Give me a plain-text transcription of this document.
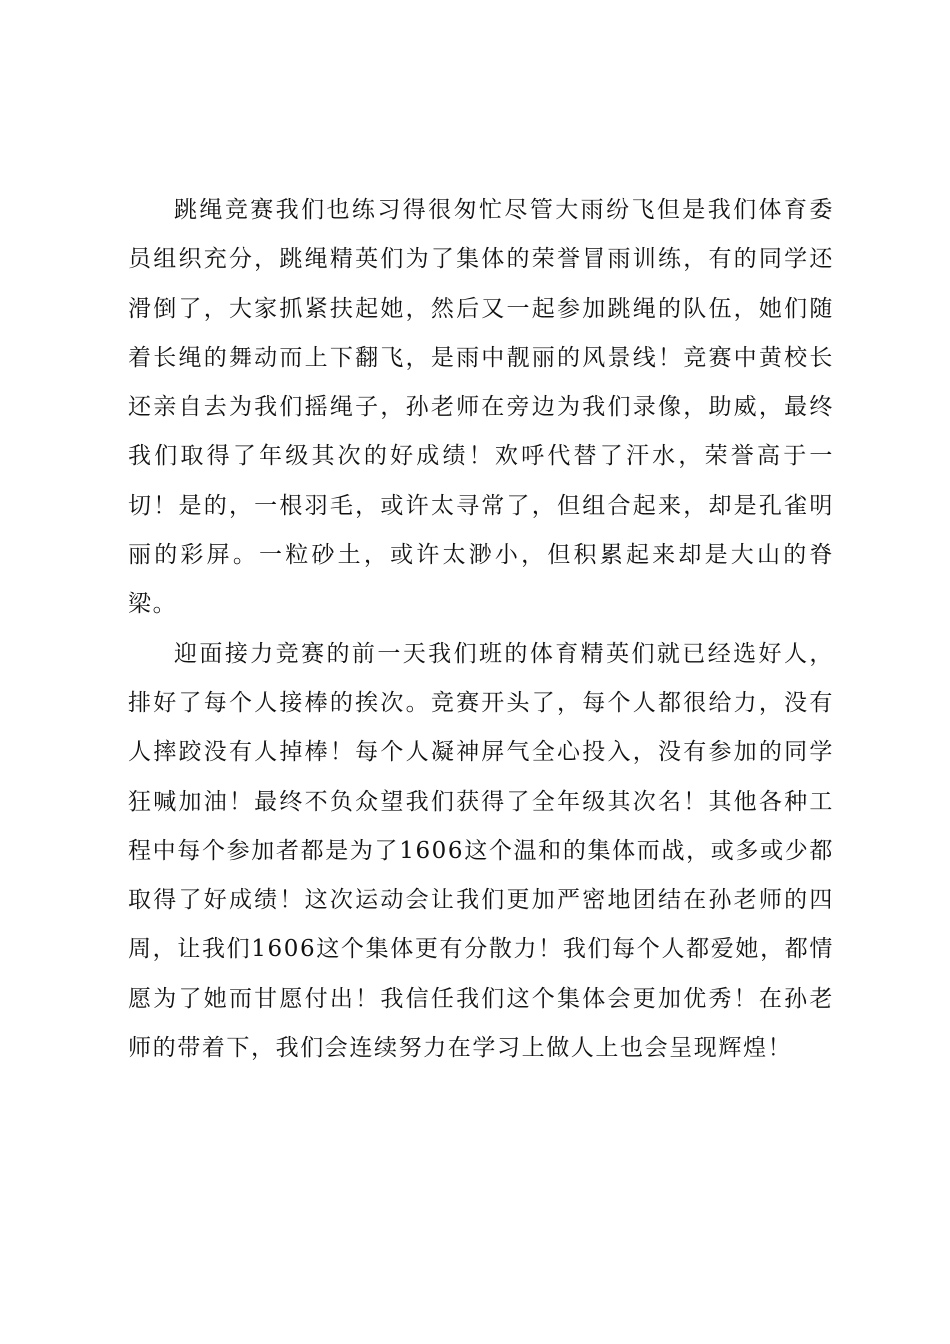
跳绳竞赛我们也练习得很匆忙尽管大雨纷飞但是我们体育委员组织充分，跳绳精英们为了集体的荣誉冒雨训练，有的同学还滑倒了，大家抓紧扶起她，然后又一起参加跳绳的队伍，她们随着长绳的舞动而上下翻飞，是雨中靓丽的风景线！竞赛中黄校长还亲自去为我们摇绳子，孙老师在旁边为我们录像，助威，最终我们取得了年级其次的好成绩！欢呼代替了汗水，荣誉高于一切！是的，一根羽毛，或许太寻常了，但组合起来，却是孔雀明丽的彩屏。一粒砂土，或许太渺小，但积累起来却是大山的脊梁。

迎面接力竞赛的前一天我们班的体育精英们就已经选好人，排好了每个人接棒的挨次。竞赛开头了，每个人都很给力，没有人摔跤没有人掉棒！每个人凝神屏气全心投入，没有参加的同学狂喊加油！最终不负众望我们获得了全年级其次名！其他各种工程中每个参加者都是为了1606这个温和的集体而战，或多或少都取得了好成绩！这次运动会让我们更加严密地团结在孙老师的四周，让我们1606这个集体更有分散力！我们每个人都爱她，都情愿为了她而甘愿付出！我信任我们这个集体会更加优秀！在孙老师的带着下，我们会连续努力在学习上做人上也会呈现辉煌！
